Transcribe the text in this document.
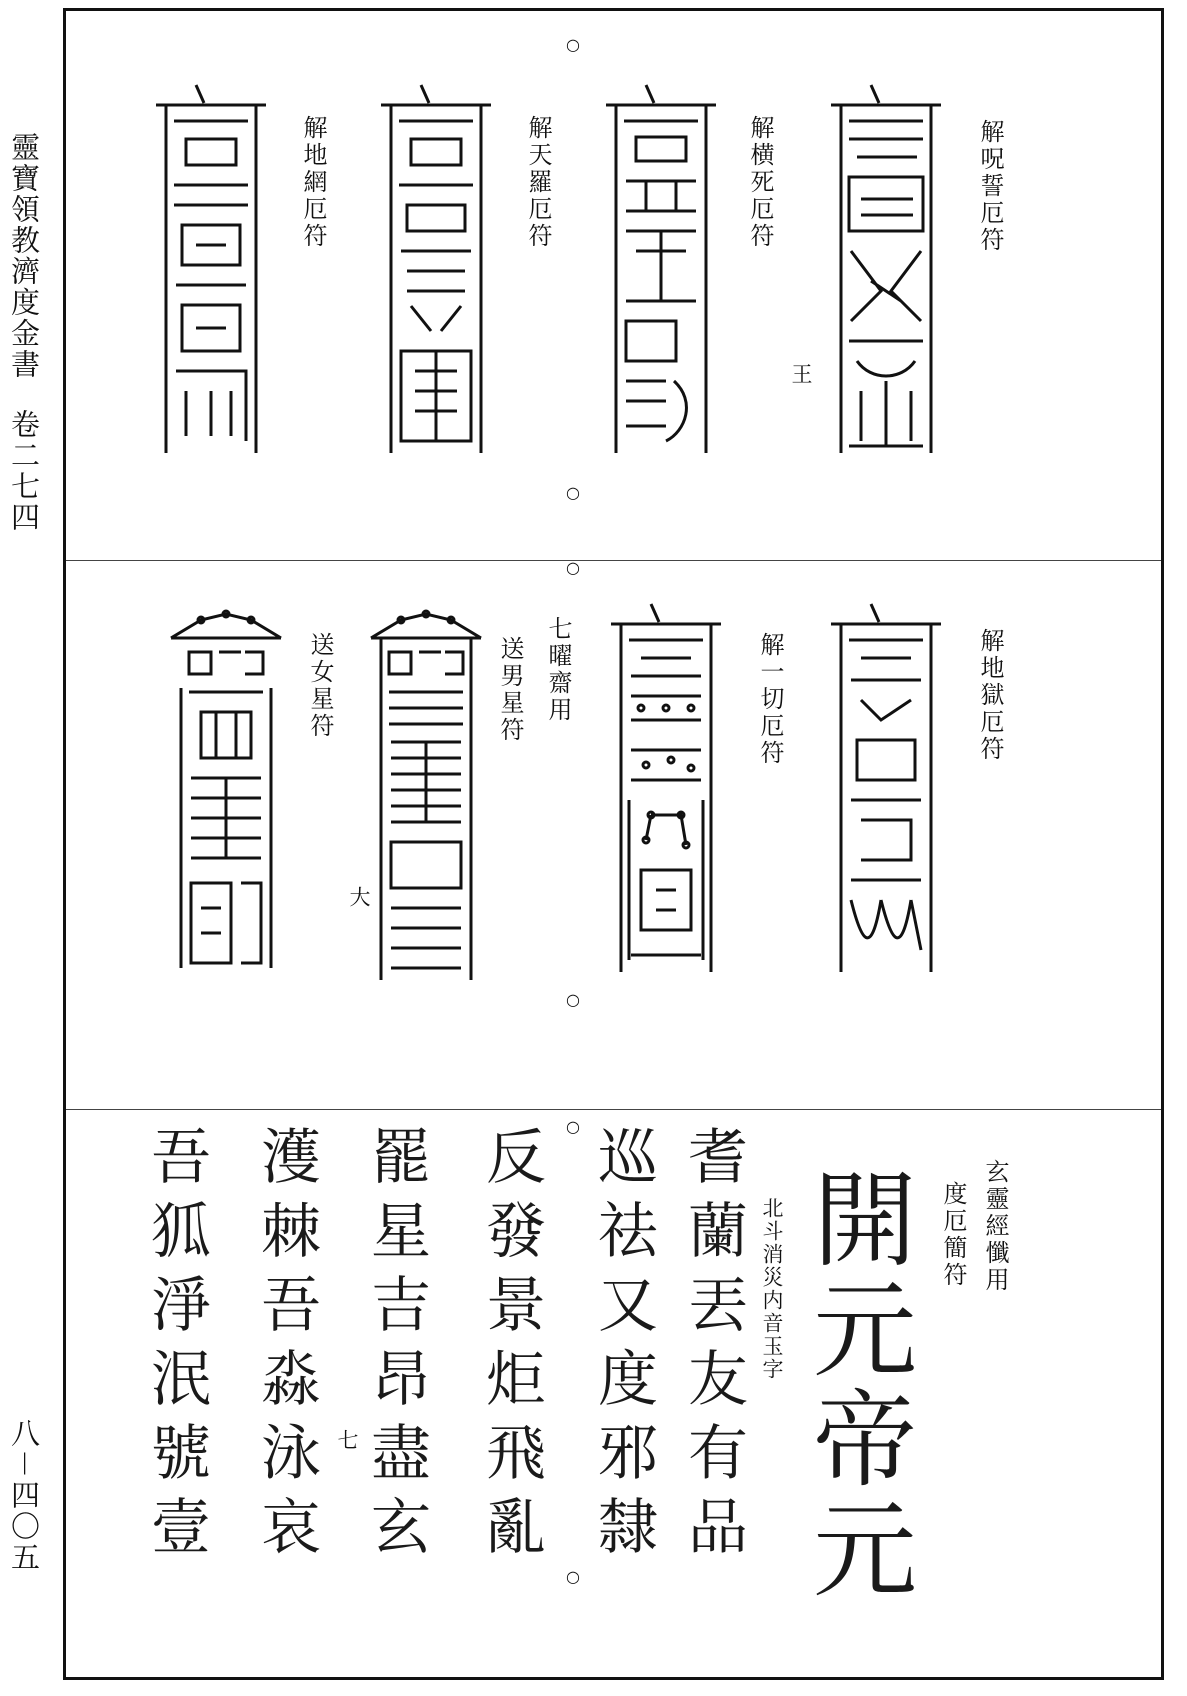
靈寶領教濟度金書 卷二七四
八－四〇五
○
○
解呪誓厄符
解横死厄符
解天羅厄符
解地網厄符
王
○
○
解地獄厄符
解一切厄符
七曜齋用
送男星符
送女星符
大
○
○
玄靈經懺用
度厄簡符
北斗消災内音玉字
七	開元帝元
耆蘭丟友有品
巡祛又度邪隸
反發景炬飛亂
罷星吉昂盡玄
濩棘吾淼泳哀
吾狐淨泯號壹
